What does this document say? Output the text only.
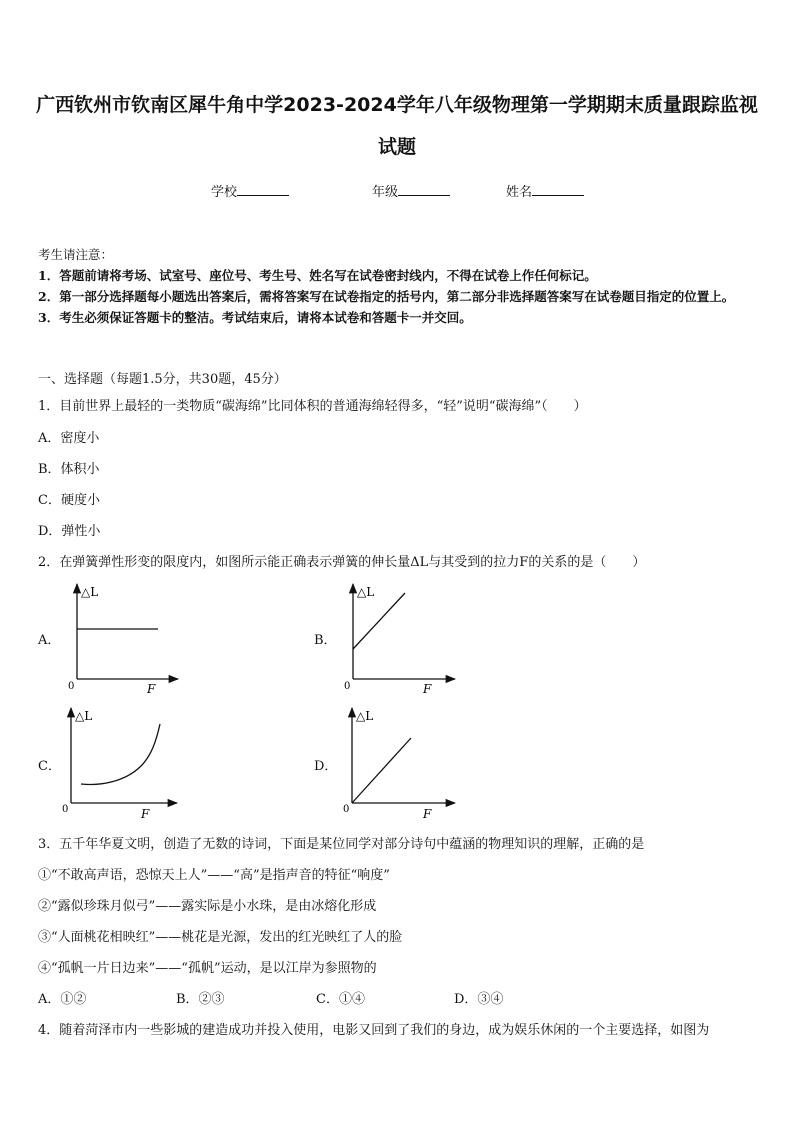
广西钦州市钦南区犀牛角中学2023-2024学年八年级物理第一学期期末质量跟踪监视试题
学校	年级	姓名
考生请注意：
1．答题前请将考场、试室号、座位号、考生号、姓名写在试卷密封线内，不得在试卷上作任何标记。
2．第一部分选择题每小题选出答案后，需将答案写在试卷指定的括号内，第二部分非选择题答案写在试卷题目指定的位置上。
3．考生必须保证答题卡的整洁。考试结束后，请将本试卷和答题卡一并交回。
一、选择题（每题1.5分，共30题，45分）
1．目前世界上最轻的一类物质“碳海绵”比同体积的普通海绵轻得多，“轻”说明“碳海绵”（　　）
A．密度小
B．体积小
C．硬度小
D．弹性小
2．在弹簧弹性形变的限度内，如图所示能正确表示弹簧的伸长量ΔL与其受到的拉力F的关系的是（　　）
A．	B．
C．	D．
△L
F
0
△L
F
0
△L
F
0
△L
F
0
3．五千年华夏文明，创造了无数的诗词，下面是某位同学对部分诗句中蕴涵的物理知识的理解，正确的是
①“不敢高声语，恐惊天上人”——“高”是指声音的特征“响度”
②“露似珍珠月似弓”——露实际是小水珠，是由冰熔化形成
③“人面桃花相映红”——桃花是光源，发出的红光映红了人的脸
④“孤帆一片日边来”——“孤帆”运动，是以江岸为参照物的
A．①②	B．②③	C．①④	D．③④
4．随着菏泽市内一些影城的建造成功并投入使用，电影又回到了我们的身边，成为娱乐休闲的一个主要选择，如图为
